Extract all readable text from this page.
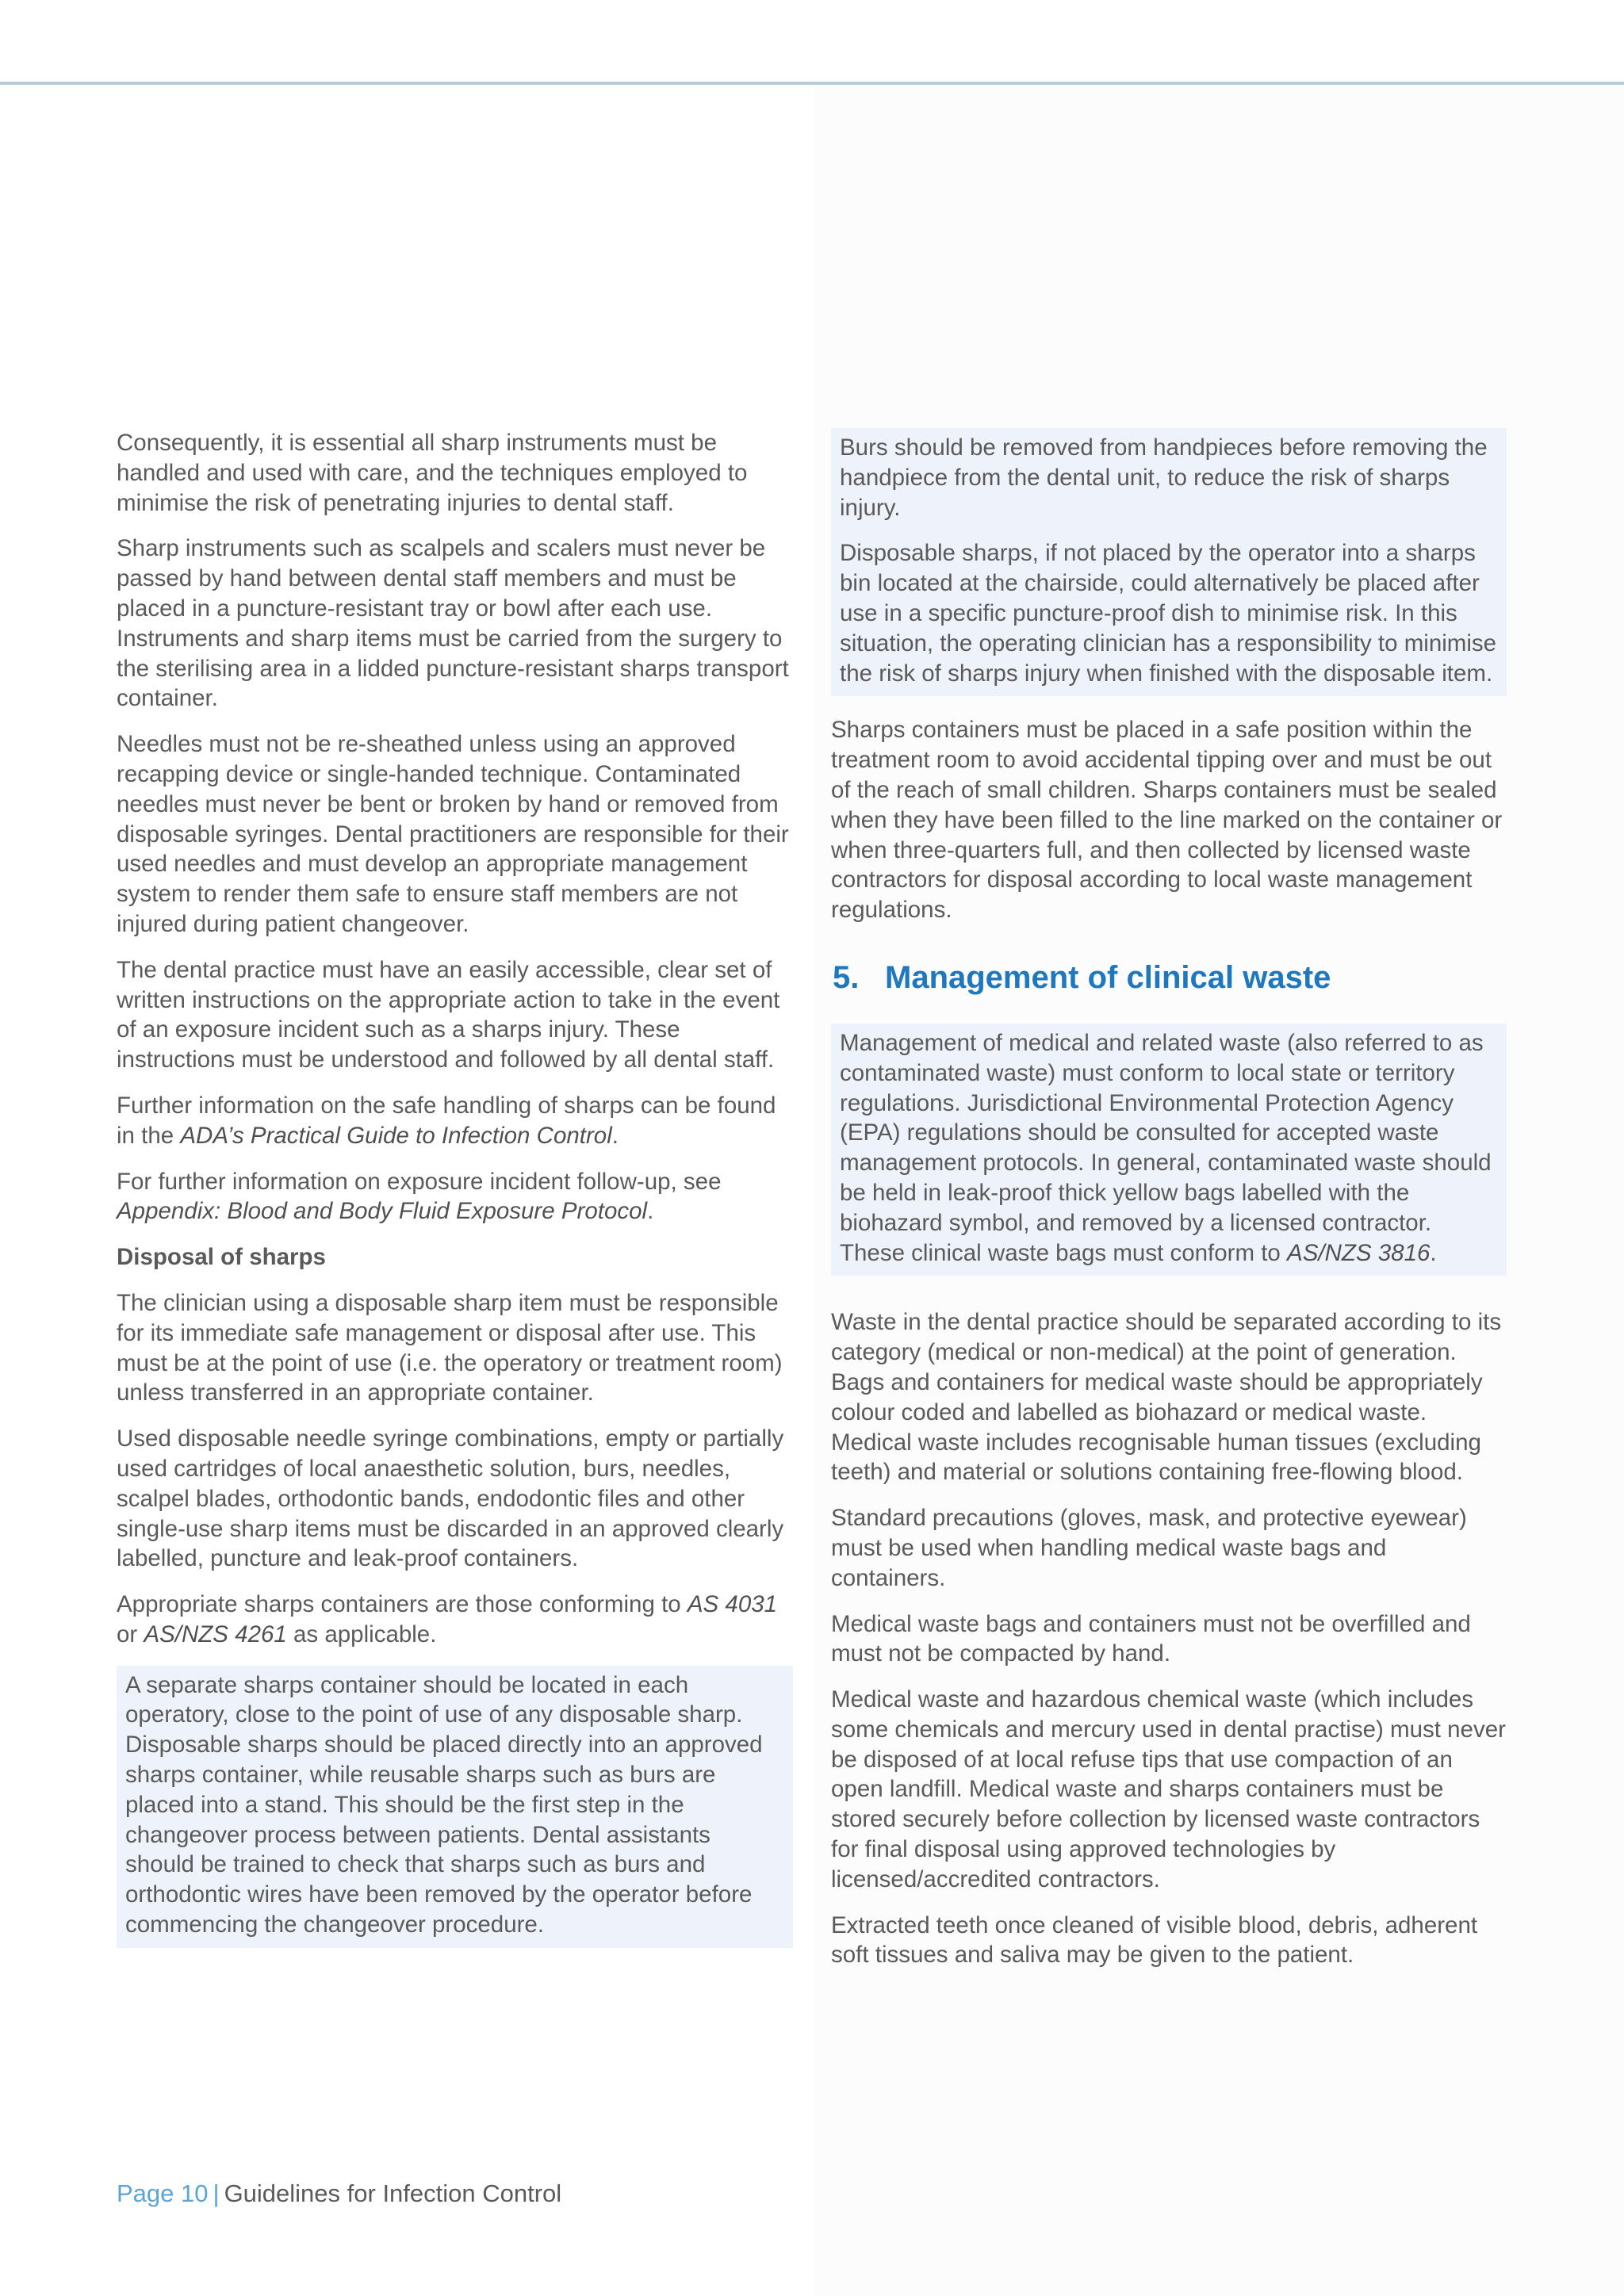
Consequently, it is essential all sharp instruments must be handled and used with care, and the techniques employed to minimise the risk of penetrating injuries to dental staff.

Sharp instruments such as scalpels and scalers must never be passed by hand between dental staff members and must be placed in a puncture-resistant tray or bowl after each use. Instruments and sharp items must be carried from the surgery to the sterilising area in a lidded puncture-resistant sharps transport container.

Needles must not be re-sheathed unless using an approved recapping device or single-handed technique. Contaminated needles must never be bent or broken by hand or removed from disposable syringes. Dental practitioners are responsible for their used needles and must develop an appropriate management system to render them safe to ensure staff members are not injured during patient changeover.

The dental practice must have an easily accessible, clear set of written instructions on the appropriate action to take in the event of an exposure incident such as a sharps injury. These instructions must be understood and followed by all dental staff.

Further information on the safe handling of sharps can be found in the ADA’s Practical Guide to Infection Control.

For further information on exposure incident follow-up, see Appendix: Blood and Body Fluid Exposure Protocol.

Disposal of sharps

The clinician using a disposable sharp item must be responsible for its immediate safe management or disposal after use. This must be at the point of use (i.e. the operatory or treatment room) unless transferred in an appropriate container.

Used disposable needle syringe combinations, empty or partially used cartridges of local anaesthetic solution, burs, needles, scalpel blades, orthodontic bands, endodontic files and other single-use sharp items must be discarded in an approved clearly labelled, puncture and leak-proof containers.

Appropriate sharps containers are those conforming to AS 4031 or AS/NZS 4261 as applicable.

A separate sharps container should be located in each operatory, close to the point of use of any disposable sharp. Disposable sharps should be placed directly into an approved sharps container, while reusable sharps such as burs are placed into a stand. This should be the first step in the changeover process between patients. Dental assistants should be trained to check that sharps such as burs and orthodontic wires have been removed by the operator before commencing the changeover procedure.

Burs should be removed from handpieces before removing the handpiece from the dental unit, to reduce the risk of sharps injury.

Disposable sharps, if not placed by the operator into a sharps bin located at the chairside, could alternatively be placed after use in a specific puncture-proof dish to minimise risk. In this situation, the operating clinician has a responsibility to minimise the risk of sharps injury when finished with the disposable item.

Sharps containers must be placed in a safe position within the treatment room to avoid accidental tipping over and must be out of the reach of small children. Sharps containers must be sealed when they have been filled to the line marked on the container or when three-quarters full, and then collected by licensed waste contractors for disposal according to local waste management regulations.

5. Management of clinical waste

Management of medical and related waste (also referred to as contaminated waste) must conform to local state or territory regulations. Jurisdictional Environmental Protection Agency (EPA) regulations should be consulted for accepted waste management protocols. In general, contaminated waste should be held in leak-proof thick yellow bags labelled with the biohazard symbol, and removed by a licensed contractor. These clinical waste bags must conform to AS/NZS 3816.

Waste in the dental practice should be separated according to its category (medical or non-medical) at the point of generation. Bags and containers for medical waste should be appropriately colour coded and labelled as biohazard or medical waste. Medical waste includes recognisable human tissues (excluding teeth) and material or solutions containing free-flowing blood.

Standard precautions (gloves, mask, and protective eyewear) must be used when handling medical waste bags and containers.

Medical waste bags and containers must not be overfilled and must not be compacted by hand.

Medical waste and hazardous chemical waste (which includes some chemicals and mercury used in dental practise) must never be disposed of at local refuse tips that use compaction of an open landfill. Medical waste and sharps containers must be stored securely before collection by licensed waste contractors for final disposal using approved technologies by licensed/accredited contractors.

Extracted teeth once cleaned of visible blood, debris, adherent soft tissues and saliva may be given to the patient.

Page 10 | Guidelines for Infection Control
